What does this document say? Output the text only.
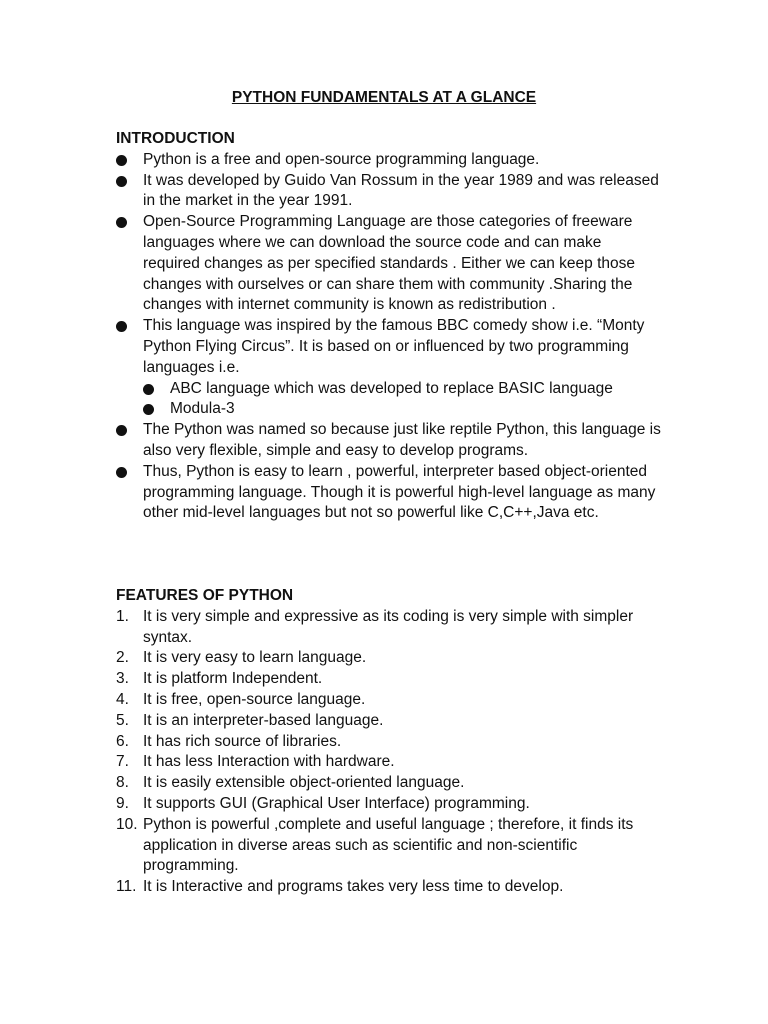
PYTHON FUNDAMENTALS AT A GLANCE

INTRODUCTION

Python is a free and open-source programming language.
It was developed by Guido Van Rossum in the year 1989 and was released in the market in the year 1991.
Open-Source Programming Language are those categories of freeware languages where we can download the source code and can make required changes as per specified standards . Either we can keep those changes with ourselves or can share them with community .Sharing the changes with internet community is known as redistribution .
This language was inspired by the famous BBC comedy show i.e. “Monty Python Flying Circus”. It is based on or influenced by two programming languages i.e.
ABC language which was developed to replace BASIC language
Modula-3
The Python was named so because just like reptile Python, this language is also very flexible, simple and easy to develop programs.
Thus, Python is easy to learn , powerful, interpreter based object-oriented programming language. Though it is powerful high-level language as many other mid-level languages but not so powerful like C,C++,Java etc.

FEATURES OF PYTHON

1. It is very simple and expressive as its coding is very simple with simpler syntax.
2. It is very easy to learn language.
3. It is platform Independent.
4. It is free, open-source language.
5. It is an interpreter-based language.
6. It has rich source of libraries.
7. It has less Interaction with hardware.
8. It is easily extensible object-oriented language.
9. It supports GUI (Graphical User Interface) programming.
10. Python is powerful ,complete and useful language ; therefore, it finds its application in diverse areas such as scientific and non-scientific programming.
11. It is Interactive and programs takes very less time to develop.
